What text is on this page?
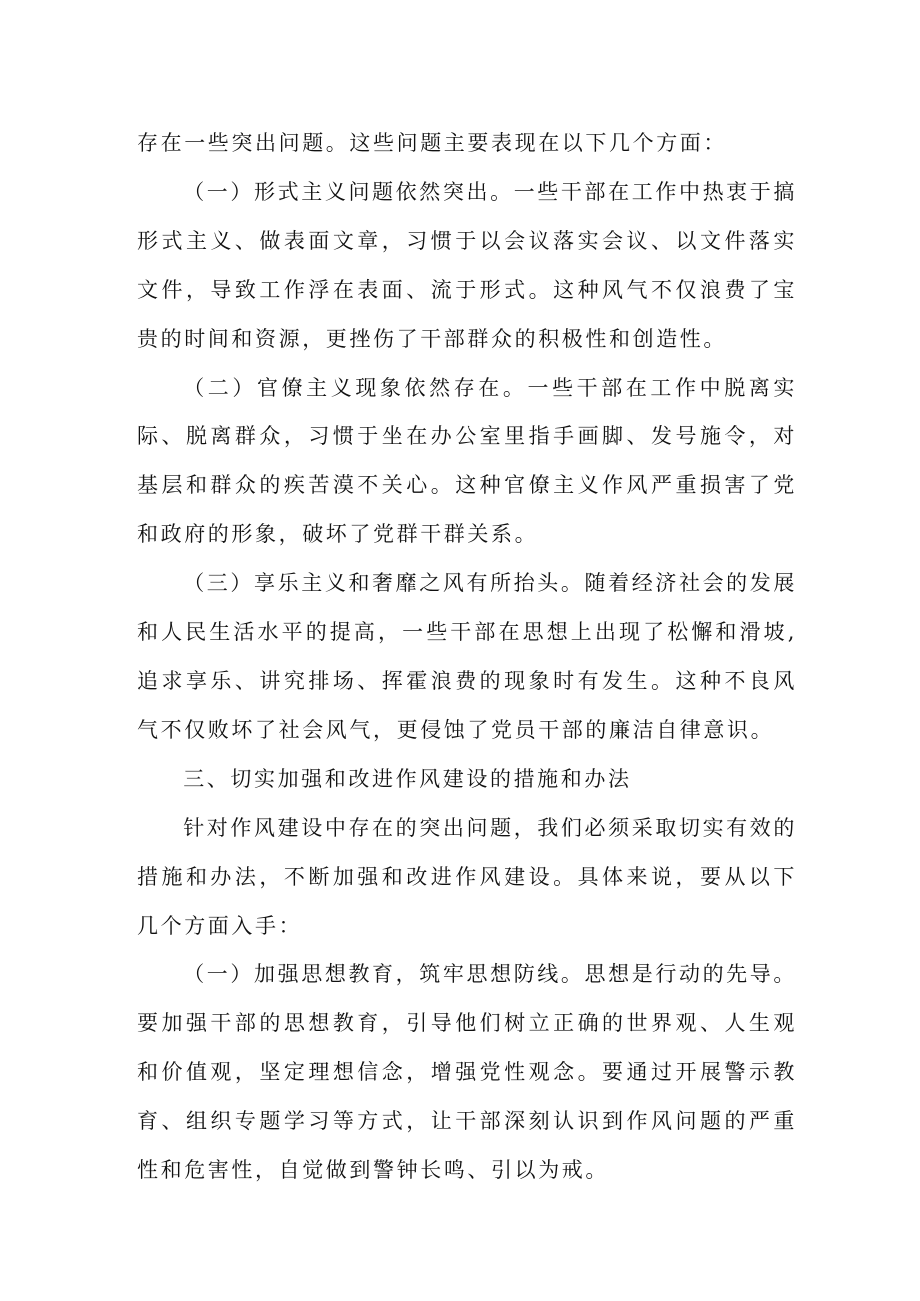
存在一些突出问题。这些问题主要表现在以下几个方面：

（一）形式主义问题依然突出。一些干部在工作中热衷于搞形式主义、做表面文章，习惯于以会议落实会议、以文件落实文件，导致工作浮在表面、流于形式。这种风气不仅浪费了宝贵的时间和资源，更挫伤了干部群众的积极性和创造性。

（二）官僚主义现象依然存在。一些干部在工作中脱离实际、脱离群众，习惯于坐在办公室里指手画脚、发号施令，对基层和群众的疾苦漠不关心。这种官僚主义作风严重损害了党和政府的形象，破坏了党群干群关系。

（三）享乐主义和奢靡之风有所抬头。随着经济社会的发展和人民生活水平的提高，一些干部在思想上出现了松懈和滑坡,追求享乐、讲究排场、挥霍浪费的现象时有发生。这种不良风气不仅败坏了社会风气，更侵蚀了党员干部的廉洁自律意识。

三、切实加强和改进作风建设的措施和办法

针对作风建设中存在的突出问题，我们必须采取切实有效的措施和办法，不断加强和改进作风建设。具体来说，要从以下几个方面入手：

（一）加强思想教育，筑牢思想防线。思想是行动的先导。要加强干部的思想教育，引导他们树立正确的世界观、人生观和价值观，坚定理想信念，增强党性观念。要通过开展警示教育、组织专题学习等方式，让干部深刻认识到作风问题的严重性和危害性，自觉做到警钟长鸣、引以为戒。
